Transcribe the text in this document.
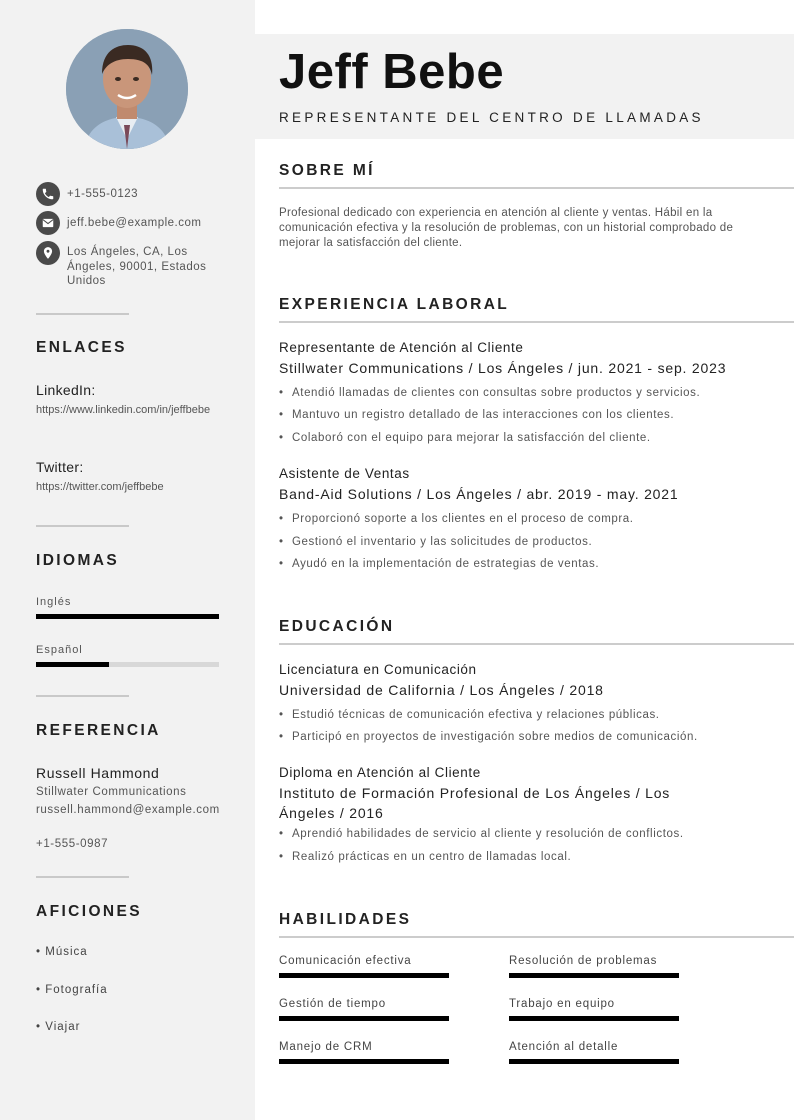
+1-555-0123
jeff.bebe@example.com
Los Ángeles, CA, Los Ángeles, 90001, Estados Unidos
ENLACES
LinkedIn:
https://www.linkedin.com/in/jeffbebe
Twitter:
https://twitter.com/jeffbebe
IDIOMAS
Inglés
Español
REFERENCIA
Russell Hammond
Stillwater Communications
russell.hammond@example.com
+1-555-0987
AFICIONES
• Música
• Fotografía
• Viajar
Jeff Bebe
REPRESENTANTE DEL CENTRO DE LLAMADAS
SOBRE MÍ
Profesional dedicado con experiencia en atención al cliente y ventas. Hábil en la comunicación efectiva y la resolución de problemas, con un historial comprobado de mejorar la satisfacción del cliente.
EXPERIENCIA LABORAL
Representante de Atención al Cliente
Stillwater Communications / Los Ángeles / jun. 2021 - sep. 2023
• Atendió llamadas de clientes con consultas sobre productos y servicios.
• Mantuvo un registro detallado de las interacciones con los clientes.
• Colaboró con el equipo para mejorar la satisfacción del cliente.
Asistente de Ventas
Band-Aid Solutions / Los Ángeles / abr. 2019 - may. 2021
• Proporcionó soporte a los clientes en el proceso de compra.
• Gestionó el inventario y las solicitudes de productos.
• Ayudó en la implementación de estrategias de ventas.
EDUCACIÓN
Licenciatura en Comunicación
Universidad de California / Los Ángeles / 2018
• Estudió técnicas de comunicación efectiva y relaciones públicas.
• Participó en proyectos de investigación sobre medios de comunicación.
Diploma en Atención al Cliente
Instituto de Formación Profesional de Los Ángeles / Los Ángeles / 2016
• Aprendió habilidades de servicio al cliente y resolución de conflictos.
• Realizó prácticas en un centro de llamadas local.
HABILIDADES
Comunicación efectiva	Resolución de problemas
Gestión de tiempo	Trabajo en equipo
Manejo de CRM	Atención al detalle
